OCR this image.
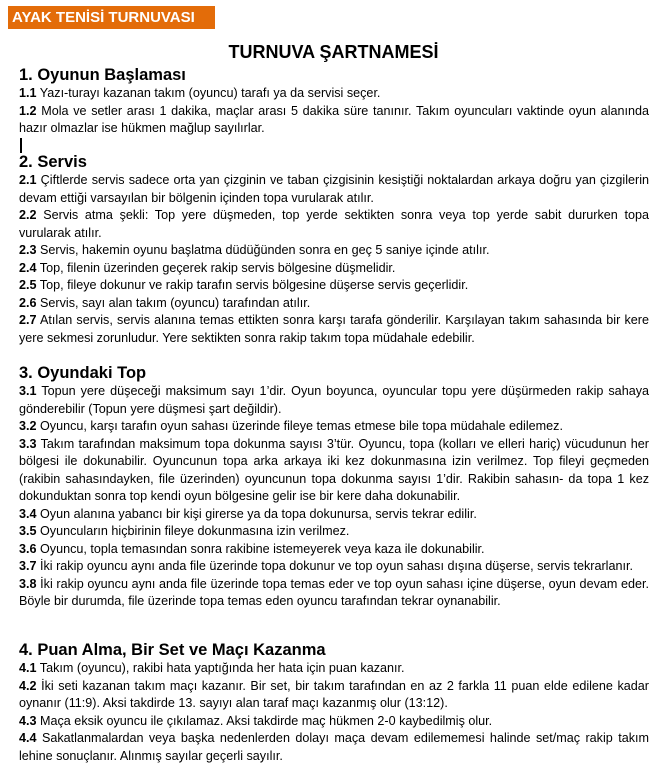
AYAK TENİSİ TURNUVASI
TURNUVA ŞARTNAMESİ
1. Oyunun Başlaması

1.1 Yazı-turayı kazanan takım (oyuncu) tarafı ya da servisi seçer.

1.2 Mola ve setler arası 1 dakika, maçlar arası 5 dakika süre tanınır. Takım oyuncuları vaktinde oyun alanında hazır olmazlar ise hükmen mağlup sayılırlar.

2. Servis

2.1 Çiftlerde servis sadece orta yan çizginin ve taban çizgisinin kesiştiği noktalardan arkaya doğru yan çizgilerin devam ettiği varsayılan bir bölgenin içinden topa vurularak atılır.

2.2 Servis atma şekli: Top yere düşmeden, top yerde sektikten sonra veya top yerde sabit dururken topa vurularak atılır.

2.3 Servis, hakemin oyunu başlatma düdüğünden sonra en geç 5 saniye içinde atılır.

2.4 Top, filenin üzerinden geçerek rakip servis bölgesine düşmelidir.

2.5 Top, fileye dokunur ve rakip tarafın servis bölgesine düşerse servis geçerlidir.

2.6 Servis, sayı alan takım (oyuncu) tarafından atılır.

2.7 Atılan servis, servis alanına temas ettikten sonra karşı tarafa gönderilir. Karşılayan takım sahasında bir kere yere sekmesi zorunludur. Yere sektikten sonra rakip takım topa müdahale edebilir.

3. Oyundaki Top

3.1 Topun yere düşeceği maksimum sayı 1’dir. Oyun boyunca, oyuncular topu yere düşürmeden rakip sahaya gönderebilir (Topun yere düşmesi şart değildir).

3.2 Oyuncu, karşı tarafın oyun sahası üzerinde fileye temas etmese bile topa müdahale edilemez.

3.3 Takım tarafından maksimum topa dokunma sayısı 3’tür. Oyuncu, topa (kolları ve elleri hariç) vücudunun her bölgesi ile dokunabilir. Oyuncunun topa arka arkaya iki kez dokunmasına izin verilmez. Top fileyi geçmeden (rakibin sahasındayken, file üzerinden) oyuncunun topa dokunma sayısı 1’dir. Rakibin sahasın- da topa 1 kez dokunduktan sonra top kendi oyun bölgesine gelir ise bir kere daha dokunabilir.

3.4 Oyun alanına yabancı bir kişi girerse ya da topa dokunursa, servis tekrar edilir.

3.5 Oyuncuların hiçbirinin fileye dokunmasına izin verilmez.

3.6 Oyuncu, topla temasından sonra rakibine istemeyerek veya kaza ile dokunabilir.

3.7 İki rakip oyuncu aynı anda file üzerinde topa dokunur ve top oyun sahası dışına düşerse, servis tekrarlanır.

3.8 İki rakip oyuncu aynı anda file üzerinde topa temas eder ve top oyun sahası içine düşerse, oyun devam eder. Böyle bir durumda, file üzerinde topa temas eden oyuncu tarafından tekrar oynanabilir.

4. Puan Alma, Bir Set ve Maçı Kazanma

4.1 Takım (oyuncu), rakibi hata yaptığında her hata için puan kazanır.

4.2 İki seti kazanan takım maçı kazanır. Bir set, bir takım tarafından en az 2 farkla 11 puan elde edilene kadar oynanır (11:9). Aksi takdirde 13. sayıyı alan taraf maçı kazanmış olur (13:12).

4.3 Maça eksik oyuncu ile çıkılamaz. Aksi takdirde maç hükmen 2-0 kaybedilmiş olur.

4.4 Sakatlanmalardan veya başka nedenlerden dolayı maça devam edilememesi halinde set/maç rakip takım lehine sonuçlanır. Alınmış sayılar geçerli sayılır.
